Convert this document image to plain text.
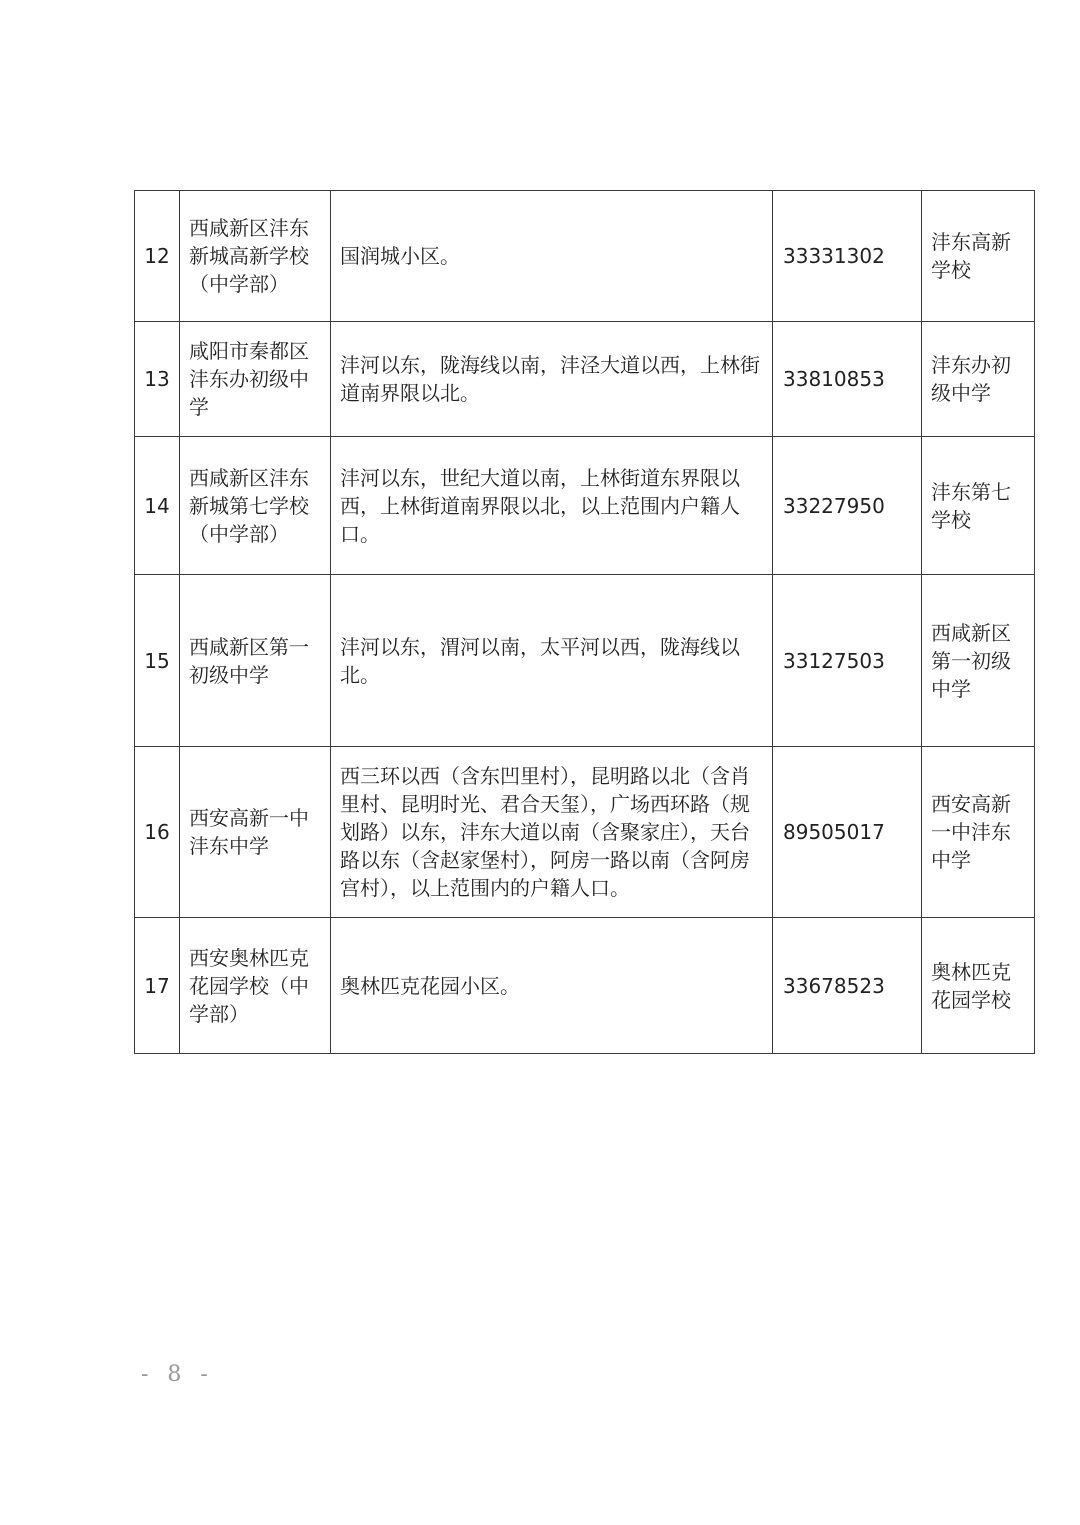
12	西咸新区沣东新城高新学校（中学部）	国润城小区。	33331302	沣东高新学校
13	咸阳市秦都区沣东办初级中学	沣河以东，陇海线以南，沣泾大道以西，上林街道南界限以北。	33810853	沣东办初级中学
14	西咸新区沣东新城第七学校（中学部）	沣河以东，世纪大道以南，上林街道东界限以西，上林街道南界限以北，以上范围内户籍人口。	33227950	沣东第七学校
15	西咸新区第一初级中学	沣河以东，渭河以南，太平河以西，陇海线以北。	33127503	西咸新区第一初级中学
16	西安高新一中沣东中学	西三环以西（含东凹里村），昆明路以北（含肖里村、昆明时光、君合天玺），广场西环路（规划路）以东，沣东大道以南（含聚家庄），天台路以东（含赵家堡村），阿房一路以南（含阿房宫村），以上范围内的户籍人口。	89505017	西安高新一中沣东中学
17	西安奥林匹克花园学校（中学部）	奥林匹克花园小区。	33678523	奥林匹克花园学校
- 8 -
